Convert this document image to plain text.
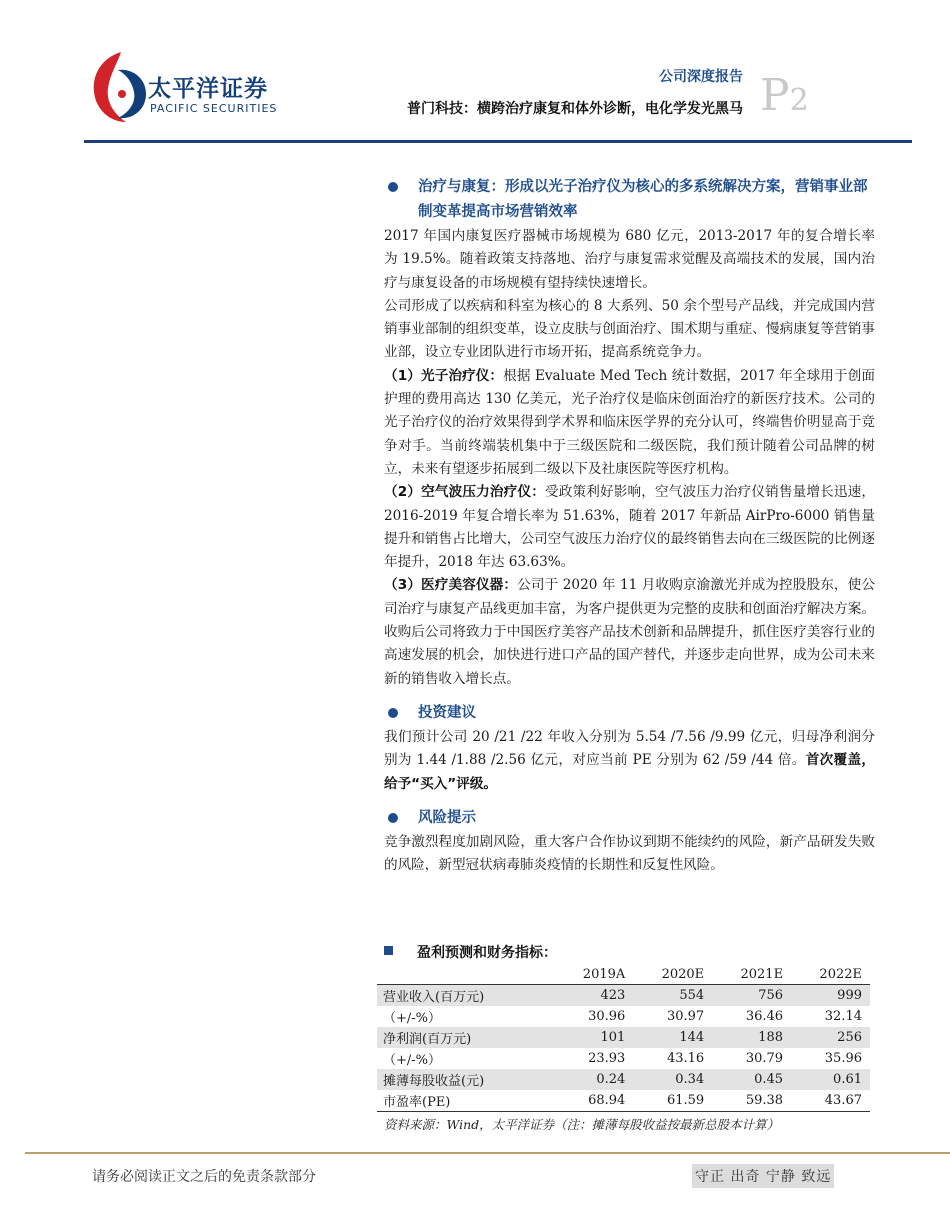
太平洋证券
PACIFIC SECURITIES
公司深度报告
普门科技：横跨治疗康复和体外诊断，电化学发光黑马 P2
治疗与康复：形成以光子治疗仪为核心的多系统解决方案，营销事业部制变革提高市场营销效率

2017 年国内康复医疗器械市场规模为 680 亿元，2013-2017 年的复合增长率为 19.5%。随着政策支持落地、治疗与康复需求觉醒及高端技术的发展，国内治疗与康复设备的市场规模有望持续快速增长。

公司形成了以疾病和科室为核心的 8 大系列、50 余个型号产品线，并完成国内营销事业部制的组织变革，设立皮肤与创面治疗、围术期与重症、慢病康复等营销事业部，设立专业团队进行市场开拓，提高系统竞争力。

（1）光子治疗仪：根据 Evaluate Med Tech 统计数据，2017 年全球用于创面护理的费用高达 130 亿美元，光子治疗仪是临床创面治疗的新医疗技术。公司的光子治疗仪的治疗效果得到学术界和临床医学界的充分认可，终端售价明显高于竞争对手。当前终端装机集中于三级医院和二级医院，我们预计随着公司品牌的树立，未来有望逐步拓展到二级以下及社康医院等医疗机构。

（2）空气波压力治疗仪：受政策利好影响，空气波压力治疗仪销售量增长迅速，2016-2019 年复合增长率为 51.63%，随着 2017 年新品 AirPro-6000 销售量提升和销售占比增大，公司空气波压力治疗仪的最终销售去向在三级医院的比例逐年提升，2018 年达 63.63%。

（3）医疗美容仪器：公司于 2020 年 11 月收购京渝激光并成为控股股东，使公司治疗与康复产品线更加丰富，为客户提供更为完整的皮肤和创面治疗解决方案。收购后公司将致力于中国医疗美容产品技术创新和品牌提升，抓住医疗美容行业的高速发展的机会，加快进行进口产品的国产替代，并逐步走向世界，成为公司未来新的销售收入增长点。

投资建议

我们预计公司 20 /21 /22 年收入分别为 5.54 /7.56 /9.99 亿元，归母净利润分别为 1.44 /1.88 /2.56 亿元，对应当前 PE 分别为 62 /59 /44 倍。首次覆盖，给予“买入”评级。

风险提示

竞争激烈程度加剧风险，重大客户合作协议到期不能续约的风险，新产品研发失败的风险，新型冠状病毒肺炎疫情的长期性和反复性风险。

盈利预测和财务指标：
	2019A	2020E	2021E	2022E
营业收入(百万元)	423	554	756	999
（+/-%）	30.96	30.97	36.46	32.14
净利润(百万元)	101	144	188	256
（+/-%）	23.93	43.16	30.79	35.96
摊薄每股收益(元)	0.24	0.34	0.45	0.61
市盈率(PE)	68.94	61.59	59.38	43.67
资料来源：Wind，太平洋证券（注：摊薄每股收益按最新总股本计算）
请务必阅读正文之后的免责条款部分	守正 出奇 宁静 致远
